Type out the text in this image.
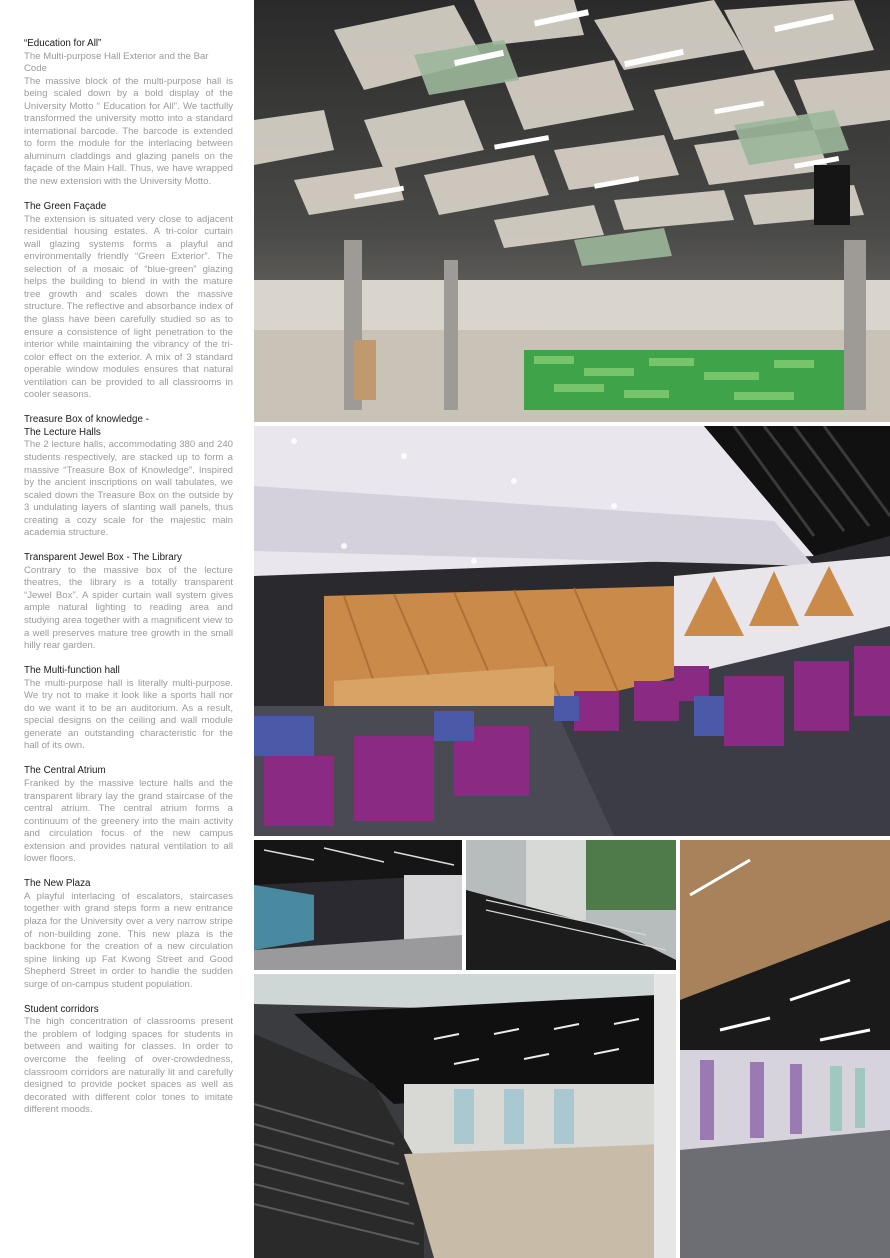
“Education for All”
The Multi-purpose Hall Exterior and the Bar Code

The massive block of the multi-purpose hall is being scaled down by a bold display of the University Motto “ Education for All”. We tactfully transformed the university motto into a standard international barcode. The barcode is extended to form the module for the interlacing between aluminum claddings and glazing panels on the façade of the Main Hall. Thus, we have wrapped the new extension with the University Motto.

The Green Façade

The extension is situated very close to adjacent residential housing estates. A tri-color curtain wall glazing systems forms a playful and environmentally friendly “Green Exterior”. The selection of a mosaic of “blue-green” glazing helps the building to blend in with the mature tree growth and scales down the massive structure. The reflective and absorbance index of the glass have been carefully studied so as to ensure a consistence of light penetration to the interior while maintaining the vibrancy of the tri-color effect on the exterior. A mix of 3 standard operable window modules ensures that natural ventilation can be provided to all classrooms in cooler seasons.

Treasure Box of knowledge -
The Lecture Halls

The 2 lecture halls, accommodating 380 and 240 students respectively, are stacked up to form a massive “Treasure Box of Knowledge”. Inspired by the ancient inscriptions on wall tabulates, we scaled down the Treasure Box on the outside by 3 undulating layers of slanting wall panels, thus creating a cozy scale for the majestic main academia structure.

Transparent Jewel Box - The Library

Contrary to the massive box of the lecture theatres, the library is a totally transparent “Jewel Box”. A spider curtain wall system gives ample natural lighting to reading area and studying area together with a magnificent view to a well preserves mature tree growth in the small hilly rear garden.

The Multi-function hall

The multi-purpose hall is literally multi-purpose. We try not to make it look like a sports hall nor do we want it to be an auditorium. As a result, special designs on the ceiling and wall module generate an outstanding characteristic for the hall of its own.

The Central Atrium

Franked by the massive lecture halls and the transparent library lay the grand staircase of the central atrium. The central atrium forms a continuum of the greenery into the main activity and circulation focus of the new campus extension and provides natural ventilation to all lower floors.

The New Plaza

A playful interlacing of escalators, staircases together with grand steps form a new entrance plaza for the University over a very narrow stripe of non-building zone. This new plaza is the backbone for the creation of a new circulation spine linking up Fat Kwong Street and Good Shepherd Street in order to handle the sudden surge of on-campus student population.

Student corridors

The high concentration of classrooms present the problem of lodging spaces for students in between and waiting for classes. In order to overcome the feeling of over-crowdedness, classroom corridors are naturally lit and carefully designed to provide pocket spaces as well as decorated with different color tones to imitate different moods.
